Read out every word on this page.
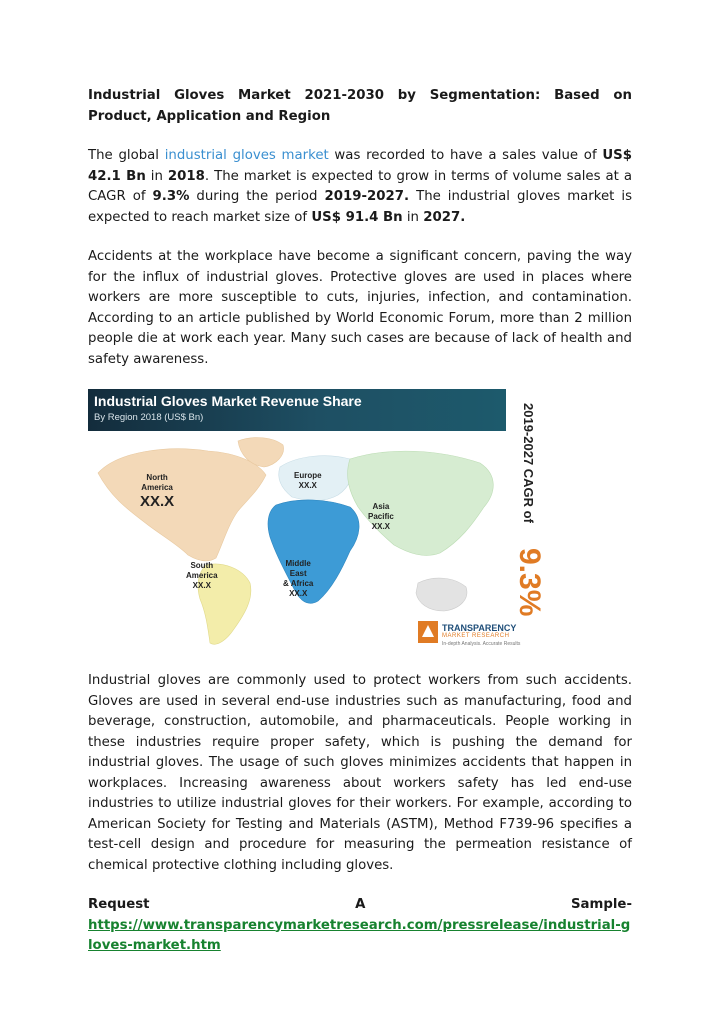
Industrial Gloves Market 2021-2030 by Segmentation: Based on Product, Application and Region

The global industrial gloves market was recorded to have a sales value of US$ 42.1 Bn in 2018. The market is expected to grow in terms of volume sales at a CAGR of 9.3% during the period 2019-2027. The industrial gloves market is expected to reach market size of US$ 91.4 Bn in 2027.

Accidents at the workplace have become a significant concern, paving the way for the influx of industrial gloves. Protective gloves are used in places where workers are more susceptible to cuts, injuries, infection, and contamination. According to an article published by World Economic Forum, more than 2 million people die at work each year. Many such cases are because of lack of health and safety awareness.

Industrial Gloves Market Revenue Share
By Region 2018 (US$ Bn)
North
America
XX.X
Europe
XX.X
Asia
Pacific
XX.X
South
America
XX.X
Middle
East
& Africa
XX.X
2019-2027 CAGR of
9.3%
TRANSPARENCY
MARKET RESEARCH
In-depth Analysis. Accurate Results

Industrial gloves are commonly used to protect workers from such accidents. Gloves are used in several end-use industries such as manufacturing, food and beverage, construction, automobile, and pharmaceuticals. People working in these industries require proper safety, which is pushing the demand for industrial gloves. The usage of such gloves minimizes accidents that happen in workplaces. Increasing awareness about workers safety has led end-use industries to utilize industrial gloves for their workers. For example, according to American Society for Testing and Materials (ASTM), Method F739-96 specifies a test-cell design and procedure for measuring the permeation resistance of chemical protective clothing including gloves.

Request	A	Sample-
https://www.transparencymarketresearch.com/pressrelease/industrial-gloves-market.htm
